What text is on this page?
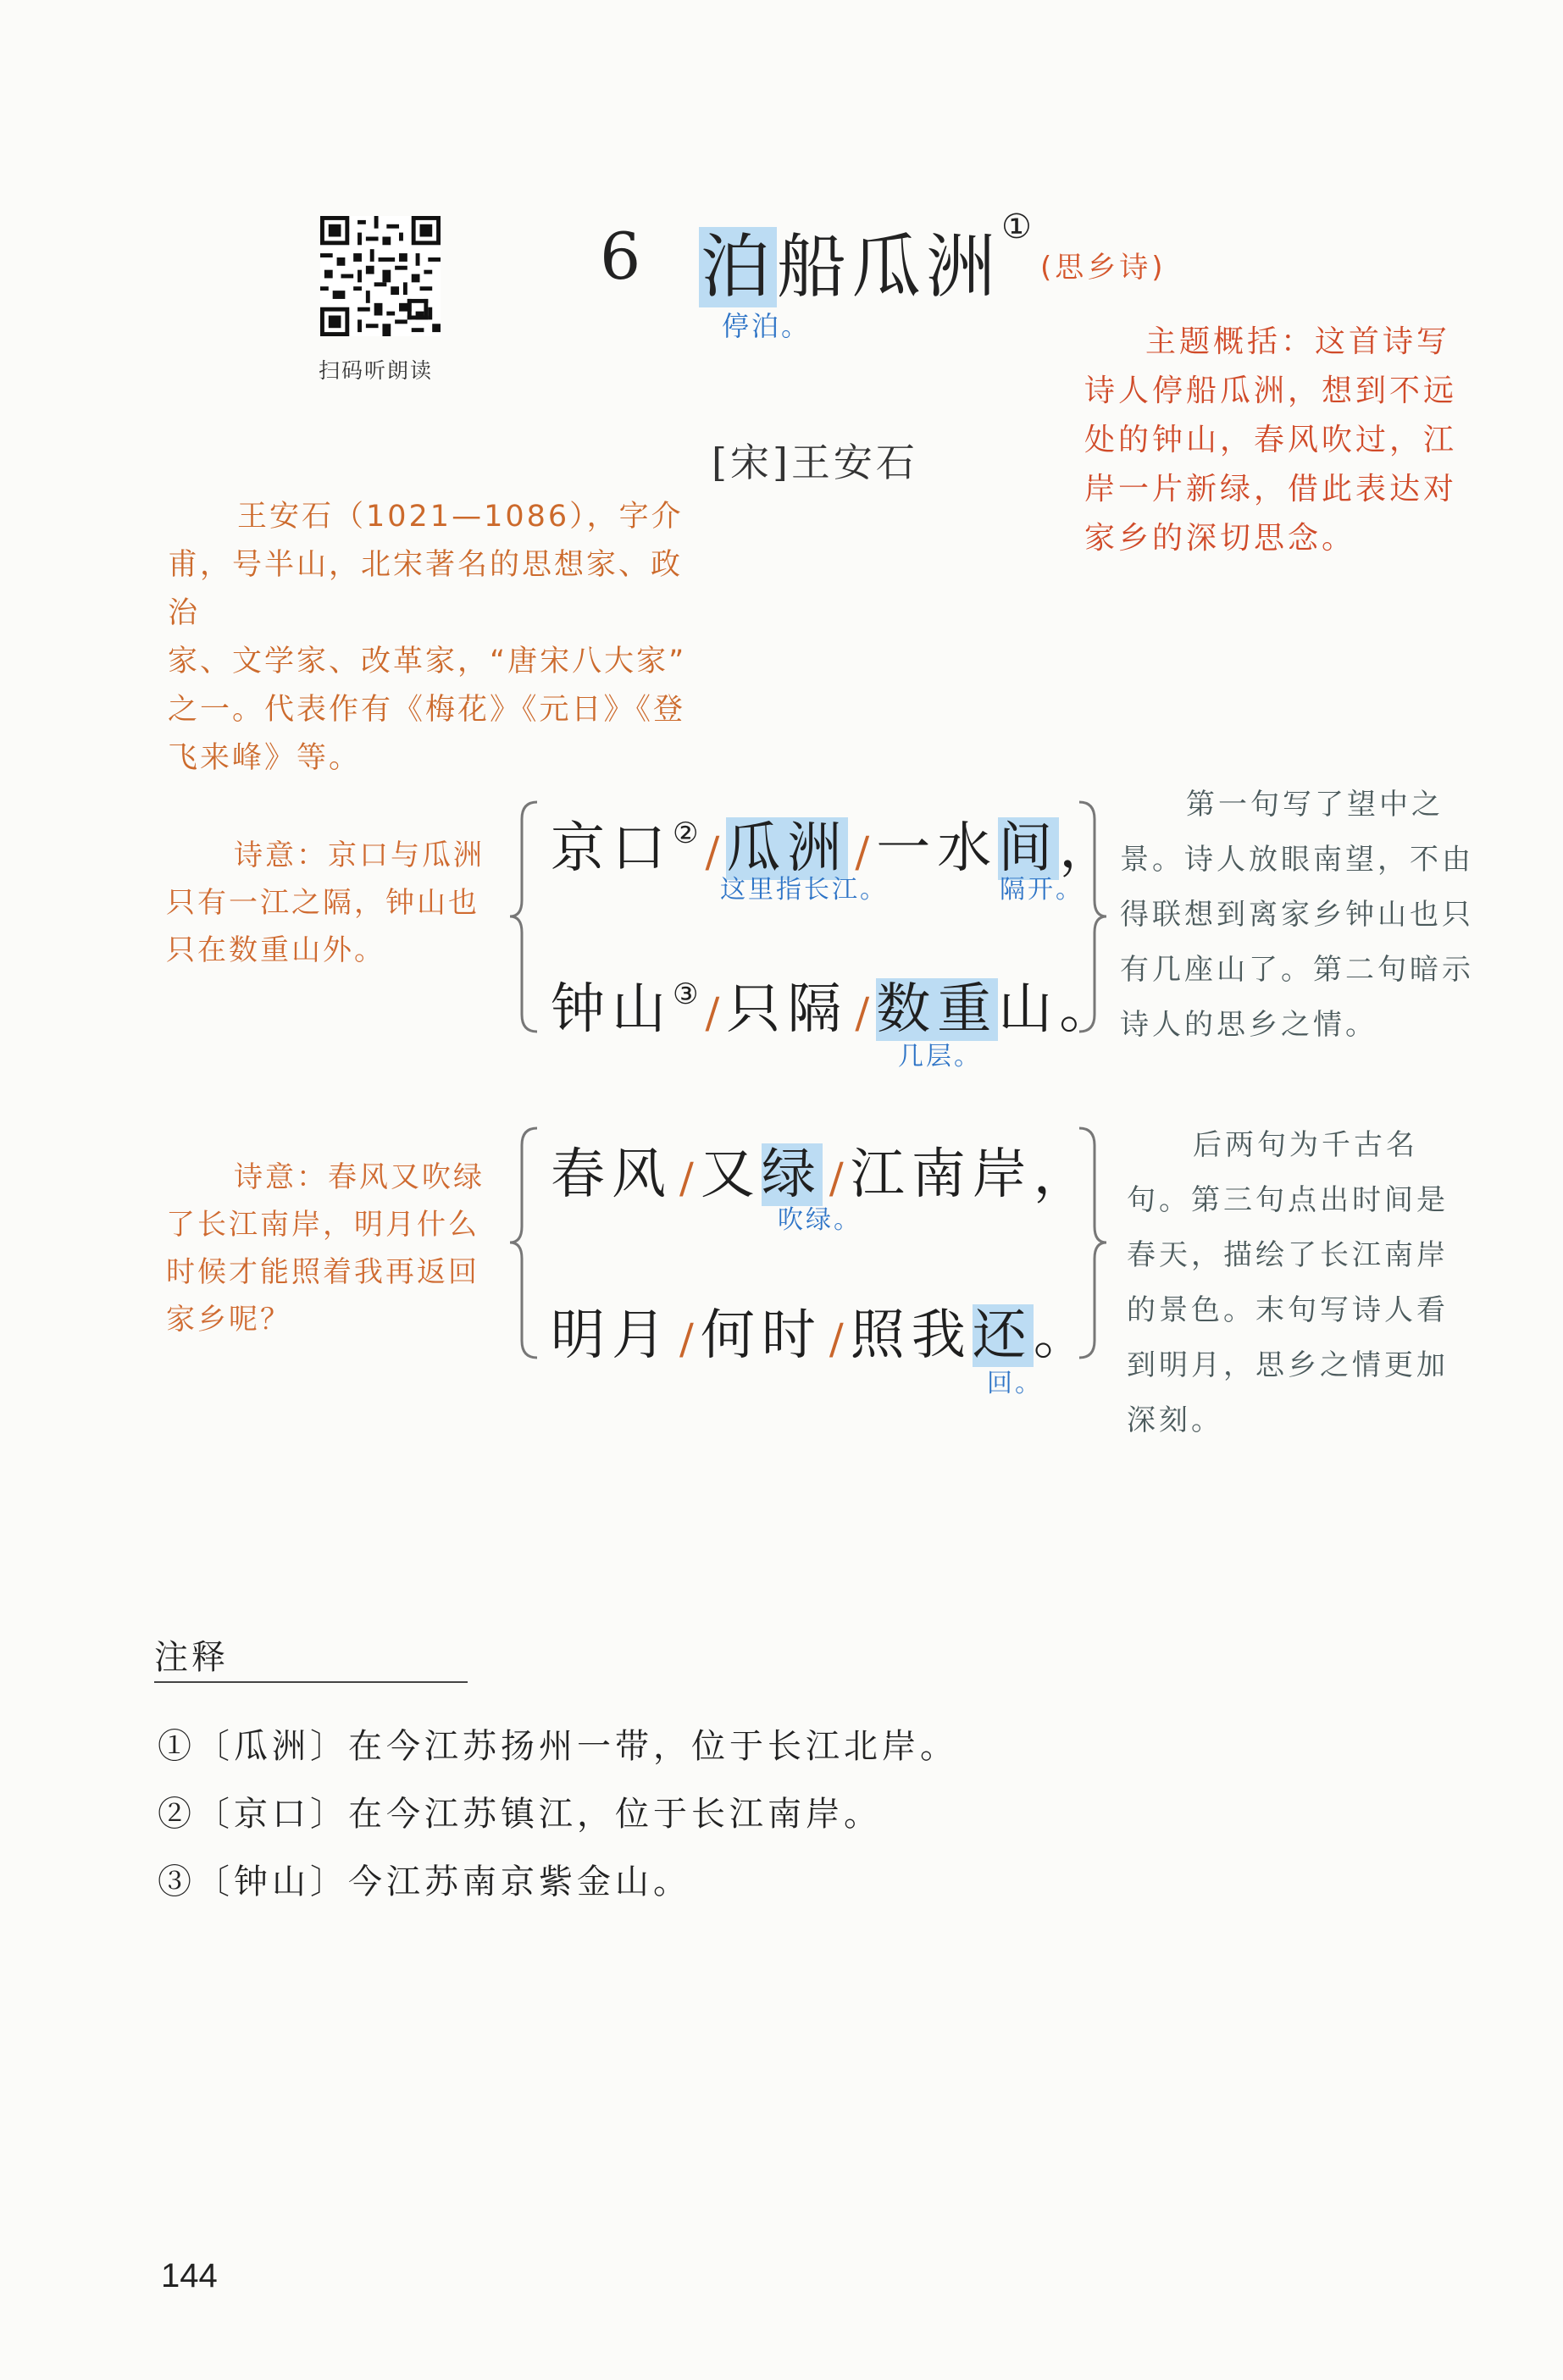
扫码听朗读
6 泊船瓜洲 ①
(思乡诗)
停泊。	主题概括：这首诗写
诗人停船瓜洲，想到不远
处的钟山，春风吹过，江
岸一片新绿，借此表达对
家乡的深切思念。
[宋]王安石
王安石（1021—1086），字介
甫，号半山，北宋著名的思想家、政治
家、文学家、改革家，“唐宋八大家”
之一。代表作有《梅花》《元日》《登
飞来峰》等。
诗意：京口与瓜洲
只有一江之隔，钟山也
只在数重山外。
京口② / 瓜洲 / 一水间，
这里指长江。	隔开。
钟山③ / 只隔 / 数重山。
几层。
第一句写了望中之
景。诗人放眼南望，不由
得联想到离家乡钟山也只
有几座山了。第二句暗示
诗人的思乡之情。
诗意：春风又吹绿
了长江南岸，明月什么
时候才能照着我再返回
家乡呢？
春风 / 又绿 / 江南岸，
吹绿。
明月 / 何时 / 照我还。
回。
后两句为千古名
句。第三句点出时间是
春天，描绘了长江南岸
的景色。末句写诗人看
到明月，思乡之情更加
深刻。
注释
①〔瓜洲〕在今江苏扬州一带，位于长江北岸。
②〔京口〕在今江苏镇江，位于长江南岸。
③〔钟山〕今江苏南京紫金山。
144
